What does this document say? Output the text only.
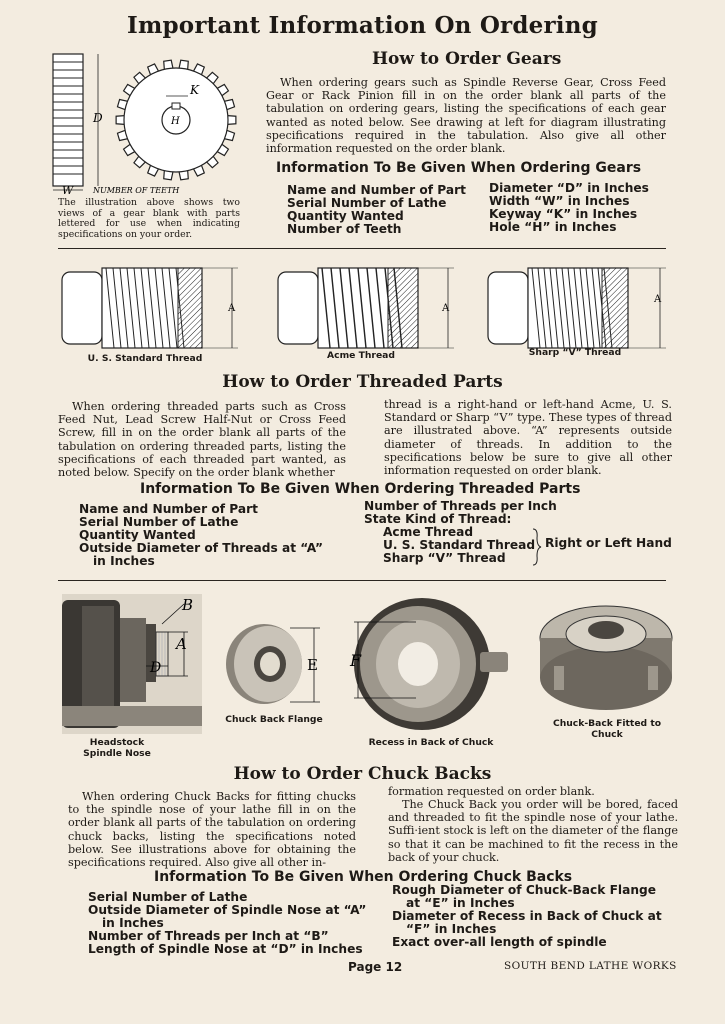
Important Information On Ordering
D
K
H
W NUMBER OF TEETH
The illustration above shows two views of a gear blank with parts lettered for use when indicating specifications on your order.
How to Order Gears
When ordering gears such as Spindle Reverse Gear, Cross Feed Gear or Rack Pinion fill in on the order blank all parts of the tabulation on ordering gears, listing the specifications of each gear wanted as noted below. See drawing at left for diagram illustrating specifications required in the tabulation. Also give all other information requested on the order blank.
Information To Be Given When Ordering Gears
Name and Number of Part
Serial Number of Lathe
Quantity Wanted
Number of Teeth
Diameter “D” in Inches
Width “W” in Inches
Keyway “K” in Inches
Hole “H” in Inches
A
U. S. Standard Thread
A
Acme Thread
A
Sharp “V” Thread
How to Order Threaded Parts
When ordering threaded parts such as Cross Feed Nut, Lead Screw Half-Nut or Cross Feed Screw, fill in on the order blank all parts of the tabulation on ordering threaded parts, listing the specifications of each threaded part wanted, as noted below. Specify on the order blank whether
thread is a right-hand or left-hand Acme, U. S. Standard or Sharp “V” type. These types of thread are illustrated above. “A” represents outside diameter of threads. In addition to the specifications below be sure to give all other information requested on order blank.
Information To Be Given When Ordering Threaded Parts
Name and Number of Part
Serial Number of Lathe
Quantity Wanted
Outside Diameter of Threads at “A”
in Inches
Number of Threads per Inch
State Kind of Thread:
Acme Thread
U. S. Standard Thread
Sharp “V” Thread
Right or Left Hand
B
A
D
Headstock Spindle Nose
E
Chuck Back Flange
F
Recess in Back of Chuck
Chuck-Back Fitted to Chuck
How to Order Chuck Backs
When ordering Chuck Backs for fitting chucks to the spindle nose of your lathe fill in on the order blank all parts of the tabulation on ordering chuck backs, listing the specifications noted below. See illustrations above for obtaining the specifications required. Also give all other in-
formation requested on order blank.
The Chuck Back you order will be bored, faced and threaded to fit the spindle nose of your lathe. Suffi·ient stock is left on the diameter of the flange so that it can be machined to fit the recess in the back of your chuck.
Information To Be Given When Ordering Chuck Backs
Serial Number of Lathe
Outside Diameter of Spindle Nose at “A”
in Inches
Number of Threads per Inch at “B”
Length of Spindle Nose at “D” in Inches
Rough Diameter of Chuck-Back Flange
at “E” in Inches
Diameter of Recess in Back of Chuck at
“F” in Inches
Exact over-all length of spindle
Page 12	SOUTH BEND LATHE WORKS
